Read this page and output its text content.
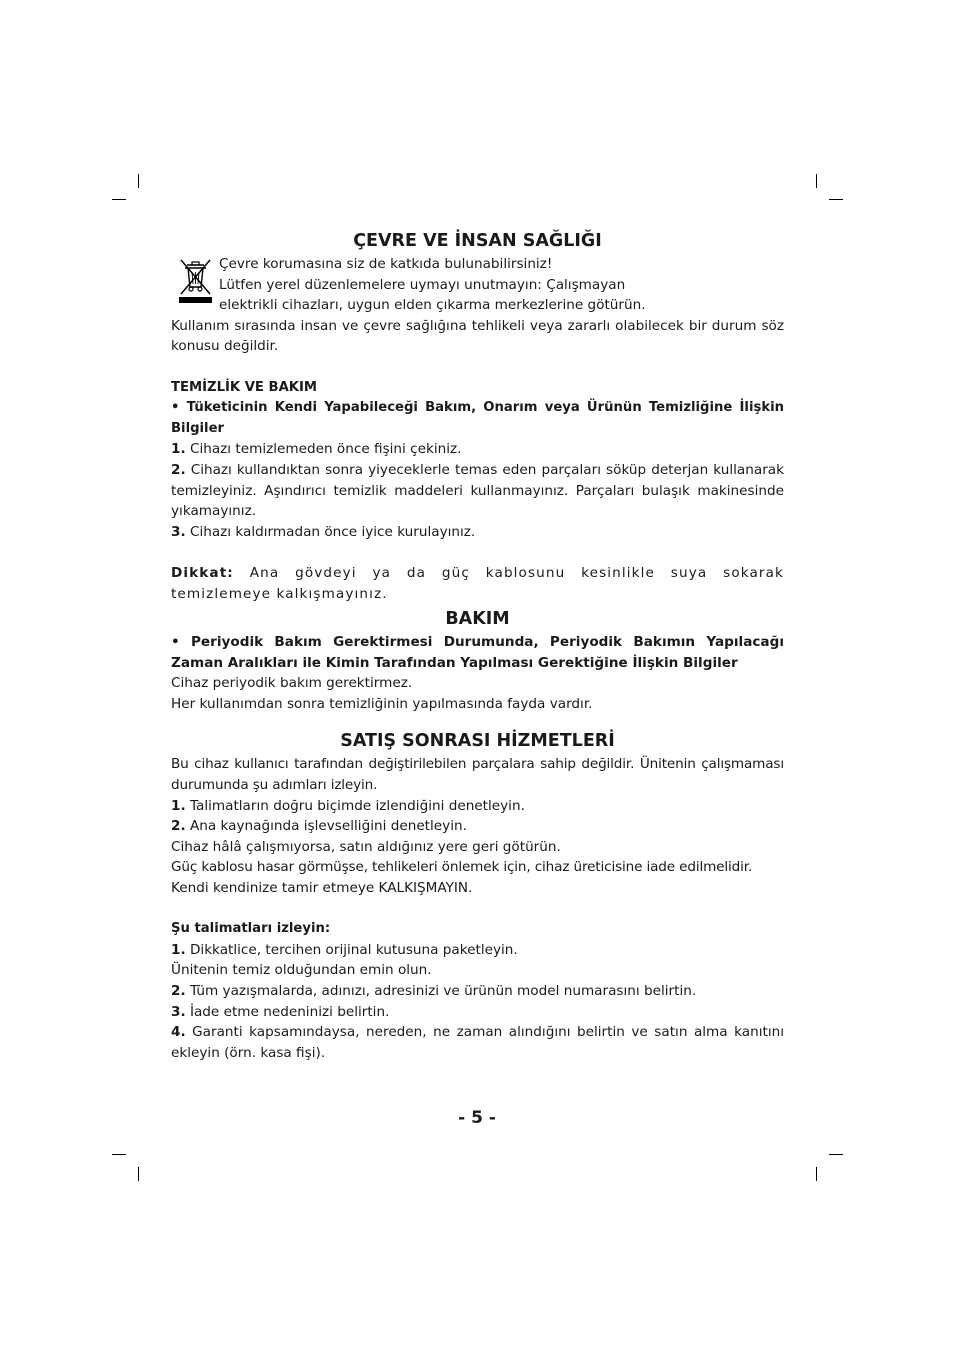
ÇEVRE VE İNSAN SAĞLIĞI

Çevre korumasına siz de katkıda bulunabilirsiniz!

Lütfen yerel düzenlemelere uymayı unutmayın: Çalışmayan

elektrikli cihazları, uygun elden çıkarma merkezlerine götürün.

Kullanım sırasında insan ve çevre sağlığına tehlikeli veya zararlı olabilecek bir durum söz konusu değildir.

TEMİZLİK VE BAKIM

• Tüketicinin Kendi Yapabileceği Bakım, Onarım veya Ürünün Temizliğine İlişkin Bilgiler

1. Cihazı temizlemeden önce fişini çekiniz.

2. Cihazı kullandıktan sonra yiyeceklerle temas eden parçaları söküp deterjan kullanarak temizleyiniz. Aşındırıcı temizlik maddeleri kullanmayınız. Parçaları bulaşık makinesinde yıkamayınız.

3. Cihazı kaldırmadan önce iyice kurulayınız.

Dikkat: Ana gövdeyi ya da güç kablosunu kesinlikle suya sokarak temizlemeye kalkışmayınız.

BAKIM

• Periyodik Bakım Gerektirmesi Durumunda, Periyodik Bakımın Yapılacağı Zaman Aralıkları ile Kimin Tarafından Yapılması Gerektiğine İlişkin Bilgiler

Cihaz periyodik bakım gerektirmez.

Her kullanımdan sonra temizliğinin yapılmasında fayda vardır.

SATIŞ SONRASI HİZMETLERİ

Bu cihaz kullanıcı tarafından değiştirilebilen parçalara sahip değildir. Ünitenin çalışmaması durumunda şu adımları izleyin.

1. Talimatların doğru biçimde izlendiğini denetleyin.

2. Ana kaynağında işlevselliğini denetleyin.

Cihaz hâlâ çalışmıyorsa, satın aldığınız yere geri götürün.

Güç kablosu hasar görmüşse, tehlikeleri önlemek için, cihaz üreticisine iade edilmelidir.

Kendi kendinize tamir etmeye KALKIŞMAYIN.

Şu talimatları izleyin:

1. Dikkatlice, tercihen orijinal kutusuna paketleyin.

Ünitenin temiz olduğundan emin olun.

2. Tüm yazışmalarda, adınızı, adresinizi ve ürünün model numarasını belirtin.

3. İade etme nedeninizi belirtin.

4. Garanti kapsamındaysa, nereden, ne zaman alındığını belirtin ve satın alma kanıtını ekleyin (örn. kasa fişi).

- 5 -
